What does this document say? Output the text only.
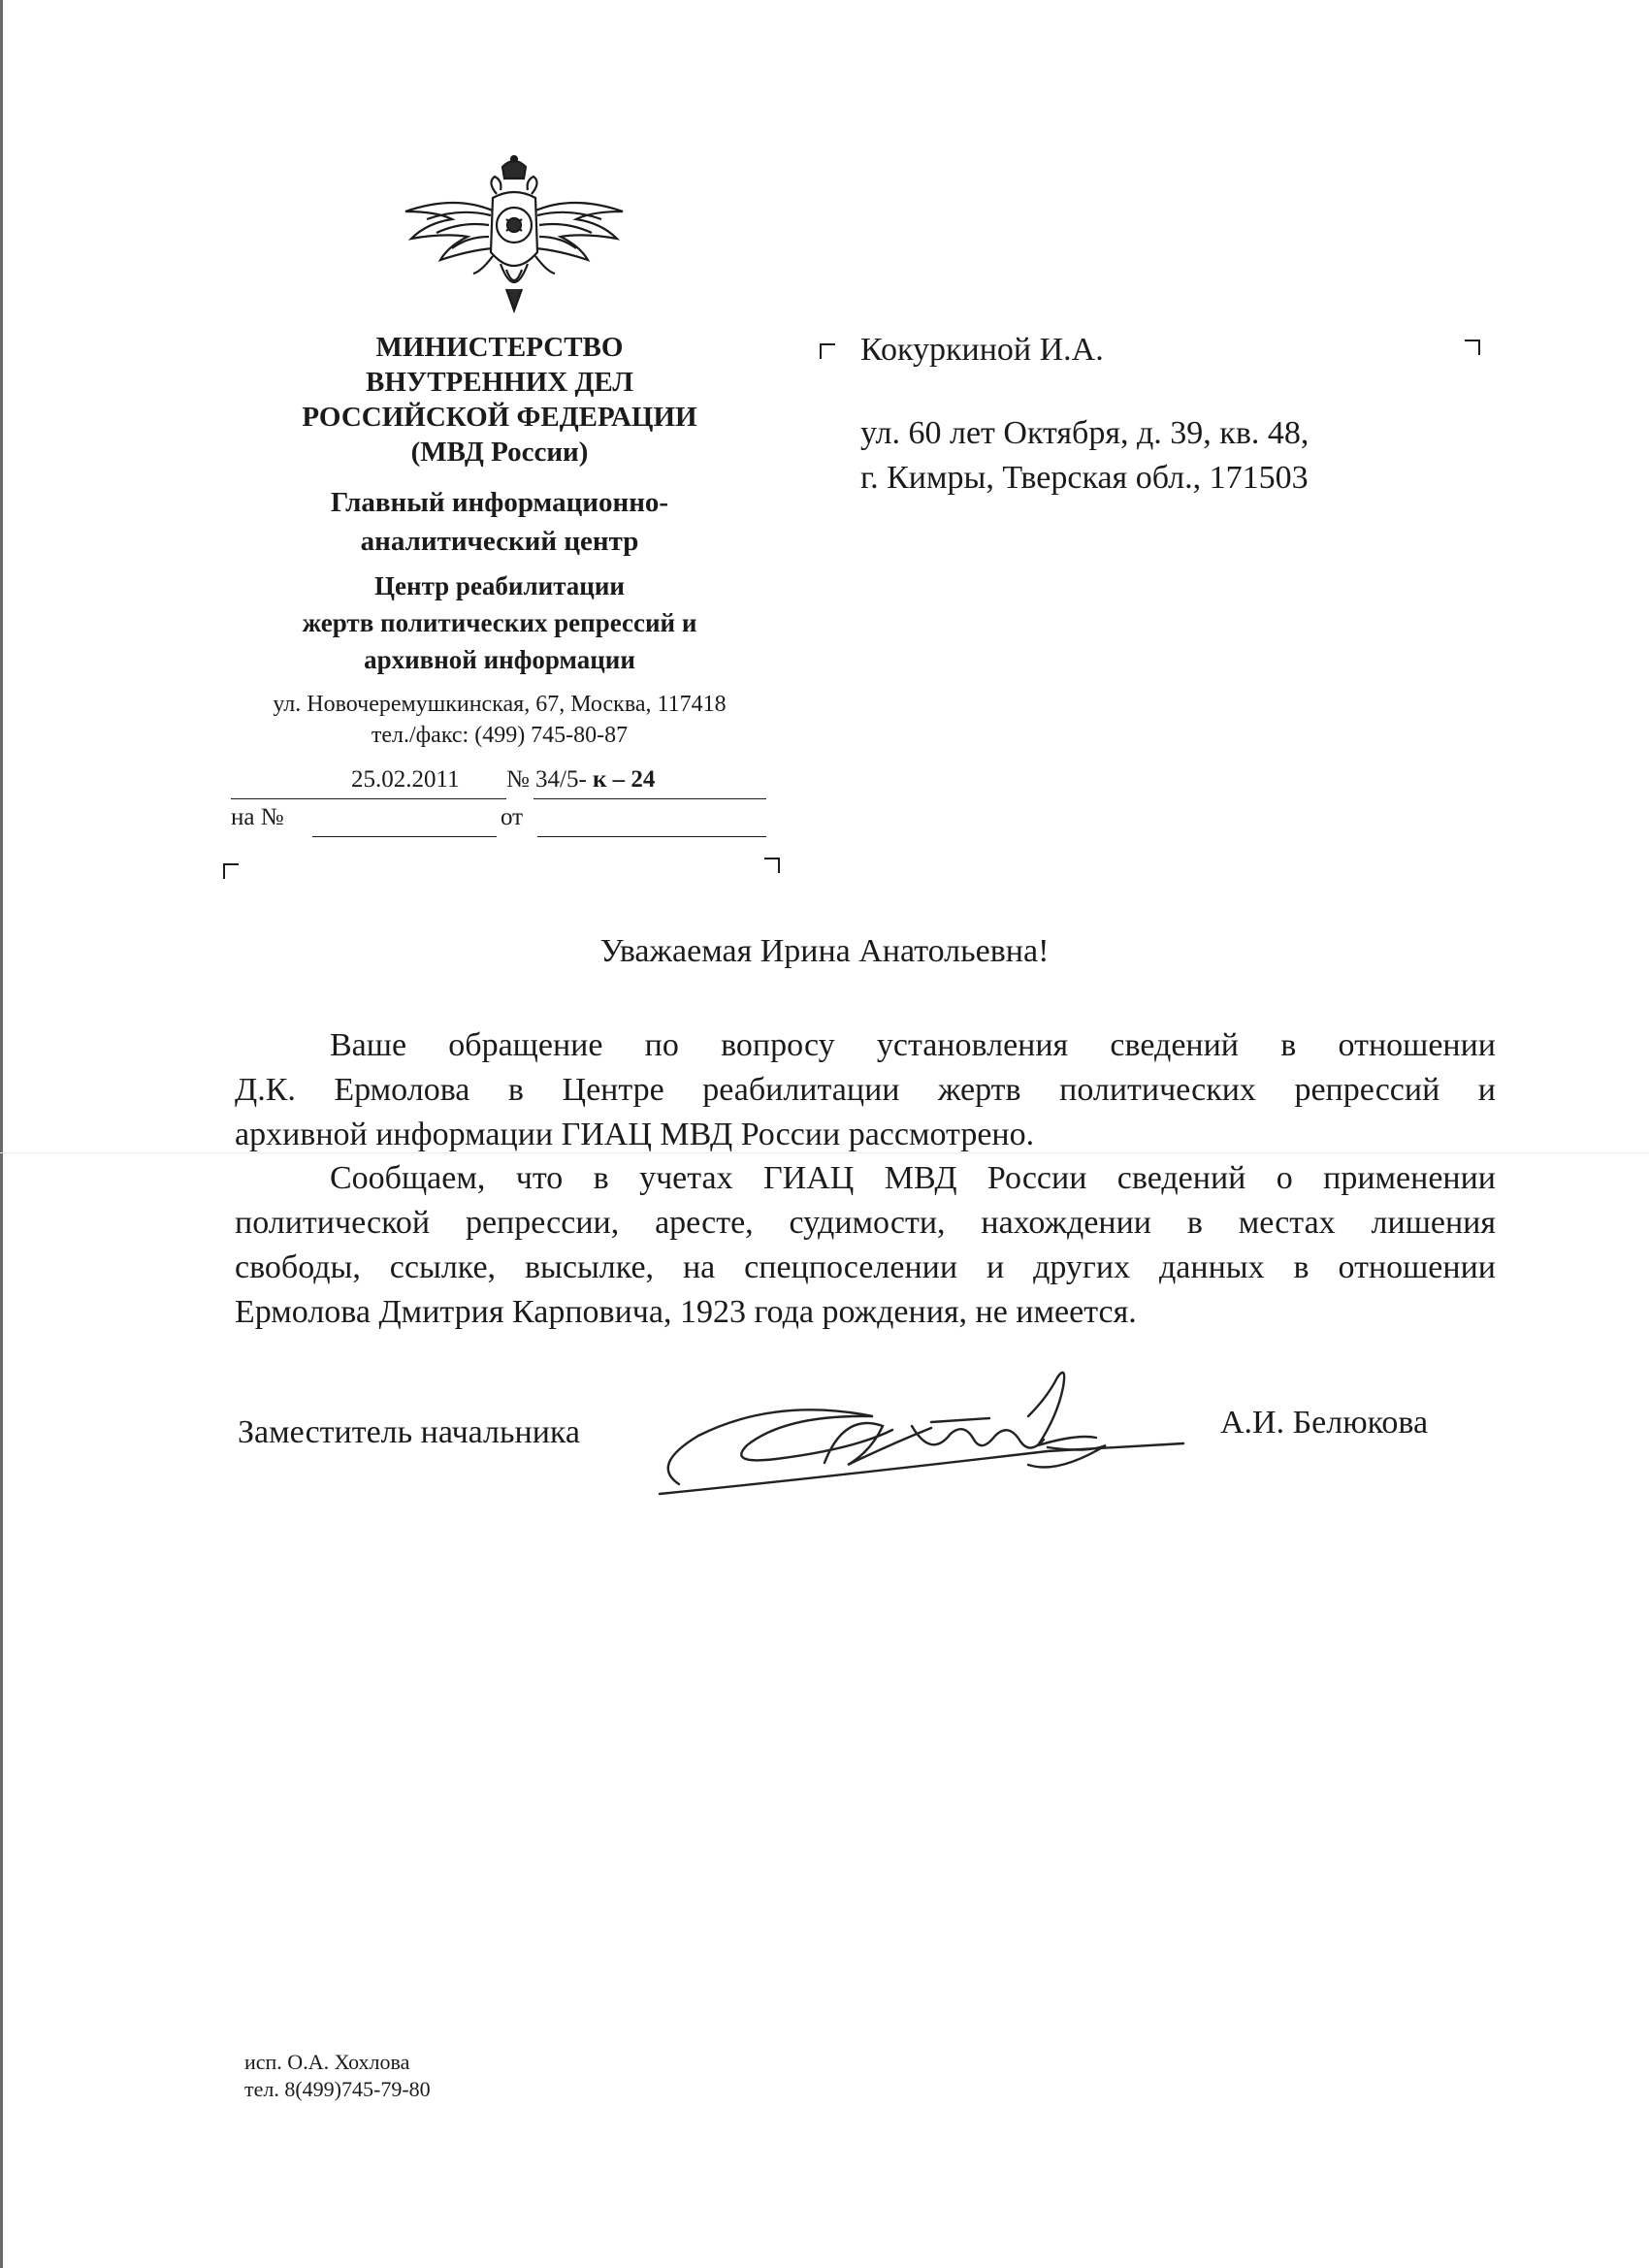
МИНИСТЕРСТВО
ВНУТРЕННИХ ДЕЛ
РОССИЙСКОЙ ФЕДЕРАЦИИ
(МВД России)
Главный информационно-
аналитический центр
Центр реабилитации
жертв политических репрессий и
архивной информации
ул. Новочеремушкинская, 67, Москва, 117418
тел./факс: (499) 745-80-87
25.02.2011 № 34/5- к – 24
на №	от
Кокуркиной И.А.
ул. 60 лет Октября, д. 39, кв. 48,
г. Кимры, Тверская обл., 171503
Уважаемая Ирина Анатольевна!
Ваше обращение по вопросу установления сведений в отношении
Д.К. Ермолова в Центре реабилитации жертв политических репрессий и
архивной информации ГИАЦ МВД России рассмотрено.
Сообщаем, что в учетах ГИАЦ МВД России сведений о применении
политической репрессии, аресте, судимости, нахождении в местах лишения
свободы, ссылке, высылке, на спецпоселении и других данных в отношении
Ермолова Дмитрия Карповича, 1923 года рождения, не имеется.
Заместитель начальника	А.И. Белюкова
исп. О.А. Хохлова
тел. 8(499)745-79-80
